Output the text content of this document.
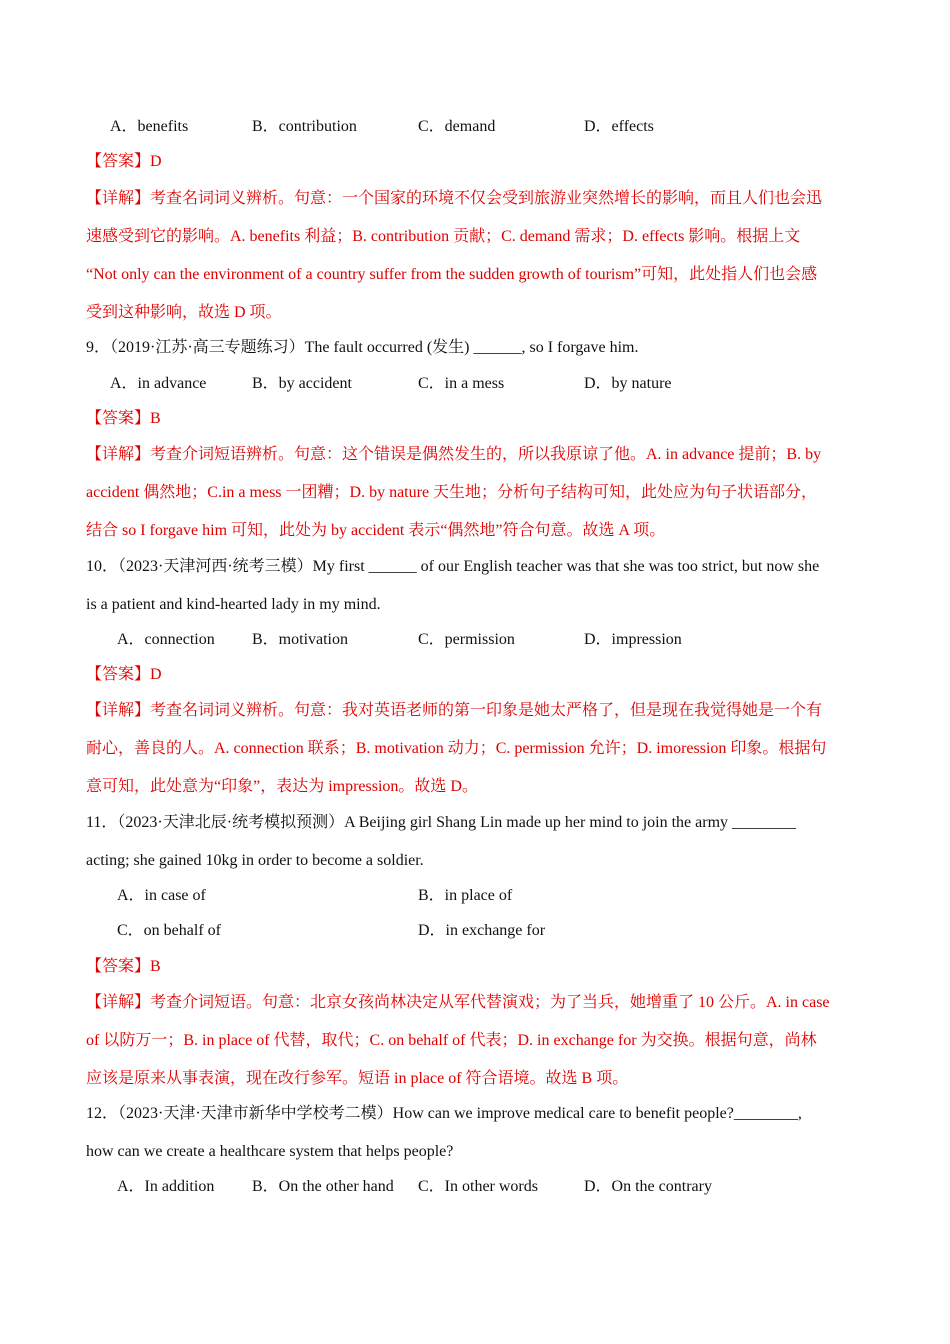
A．benefits	B．contribution	C．demand	D．effects
【答案】D
【详解】考查名词词义辨析。句意：一个国家的环境不仅会受到旅游业突然增长的影响，而且人们也会迅
速感受到它的影响。A. benefits 利益；B. contribution 贡献；C. demand 需求；D. effects 影响。根据上文
“Not only can the environment of a country suffer from the sudden growth of tourism”可知，此处指人们也会感
受到这种影响，故选 D 项。
9．（2019·江苏·高三专题练习）The fault occurred (发生) ______, so I forgave him.
A．in advance	B．by accident	C．in a mess	D．by nature
【答案】B
【详解】考查介词短语辨析。句意：这个错误是偶然发生的，所以我原谅了他。A. in advance 提前；B. by
accident 偶然地；C.in a mess 一团糟；D. by nature 天生地；分析句子结构可知，此处应为句子状语部分，
结合 so I forgave him 可知，此处为 by accident 表示“偶然地”符合句意。故选 A 项。
10．（2023·天津河西·统考三模）My first ______ of our English teacher was that she was too strict, but now she
is a patient and kind-hearted lady in my mind.
A．connection B．motivation	C．permission	D．impression
【答案】D
【详解】考查名词词义辨析。句意：我对英语老师的第一印象是她太严格了，但是现在我觉得她是一个有
耐心，善良的人。A. connection 联系；B. motivation 动力；C. permission 允许；D. imoression 印象。根据句
意可知，此处意为“印象”，表达为 impression。故选 D。
11．（2023·天津北辰·统考模拟预测）A Beijing girl Shang Lin made up her mind to join the army ________
acting; she gained 10kg in order to become a soldier.
A．in case of	B．in place of
C．on behalf of	D．in exchange for
【答案】B
【详解】考查介词短语。句意：北京女孩尚林决定从军代替演戏；为了当兵，她增重了 10 公斤。A. in case
of 以防万一；B. in place of 代替，取代；C. on behalf of 代表；D. in exchange for 为交换。根据句意，尚林
应该是原来从事表演，现在改行参军。短语 in place of 符合语境。故选 B 项。
12．（2023·天津·天津市新华中学校考二模）How can we improve medical care to benefit people?________,
how can we create a healthcare system that helps people?
A．In addition B．On the other hand C．In other words	D．On the contrary
